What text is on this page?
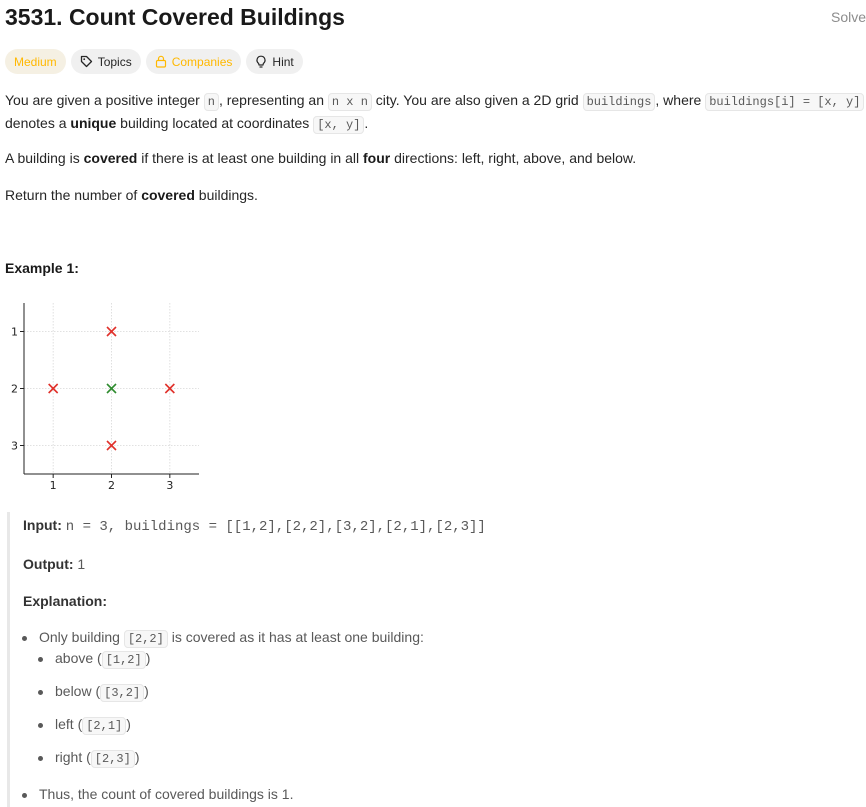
3531. Count Covered Buildings	Solve
Medium	Topics	Companies	Hint
You are given a positive integer n , representing an n x n city. You are also given a 2D grid buildings , where buildings[i] = [x, y]
denotes a unique building located at coordinates [x, y] .
A building is covered if there is at least one building in all four directions: left, right, above, and below.
Return the number of covered buildings.
Example 1:
1	2	3
1
2
3
Input: n = 3, buildings = [[1,2],[2,2],[3,2],[2,1],[2,3]]
Output: 1
Explanation:
Only building [2,2] is covered as it has at least one building:
above ( [1,2] )
below ( [3,2] )
left ( [2,1] )
right ( [2,3] )
Thus, the count of covered buildings is 1.
